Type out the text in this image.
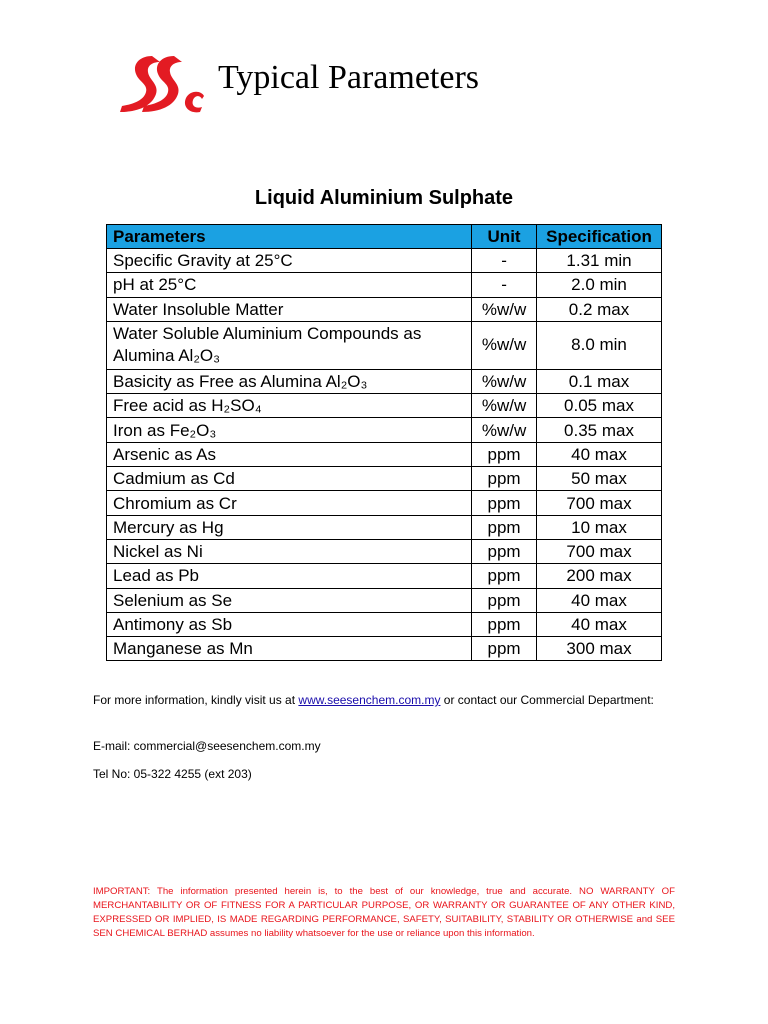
Typical Parameters
Liquid Aluminium Sulphate
Parameters	Unit	Specification
Specific Gravity at 25°C	-	1.31 min
pH at 25°C	-	2.0 min
Water Insoluble Matter	%w/w	0.2 max
Water Soluble Aluminium Compounds as Alumina Al₂O₃	%w/w	8.0 min
Basicity as Free as Alumina Al₂O₃	%w/w	0.1 max
Free acid as H₂SO₄	%w/w	0.05 max
Iron as Fe₂O₃	%w/w	0.35 max
Arsenic as As	ppm	40 max
Cadmium as Cd	ppm	50 max
Chromium as Cr	ppm	700 max
Mercury as Hg	ppm	10 max
Nickel as Ni	ppm	700 max
Lead as Pb	ppm	200 max
Selenium as Se	ppm	40 max
Antimony as Sb	ppm	40 max
Manganese as Mn	ppm	300 max
For more information, kindly visit us at www.seesenchem.com.my or contact our Commercial Department:
E-mail: commercial@seesenchem.com.my
Tel No: 05-322 4255 (ext 203)
IMPORTANT: The information presented herein is, to the best of our knowledge, true and accurate. NO WARRANTY OF MERCHANTABILITY OR OF FITNESS FOR A PARTICULAR PURPOSE, OR WARRANTY OR GUARANTEE OF ANY OTHER KIND, EXPRESSED OR IMPLIED, IS MADE REGARDING PERFORMANCE, SAFETY, SUITABILITY, STABILITY OR OTHERWISE and SEE SEN CHEMICAL BERHAD assumes no liability whatsoever for the use or reliance upon this information.
